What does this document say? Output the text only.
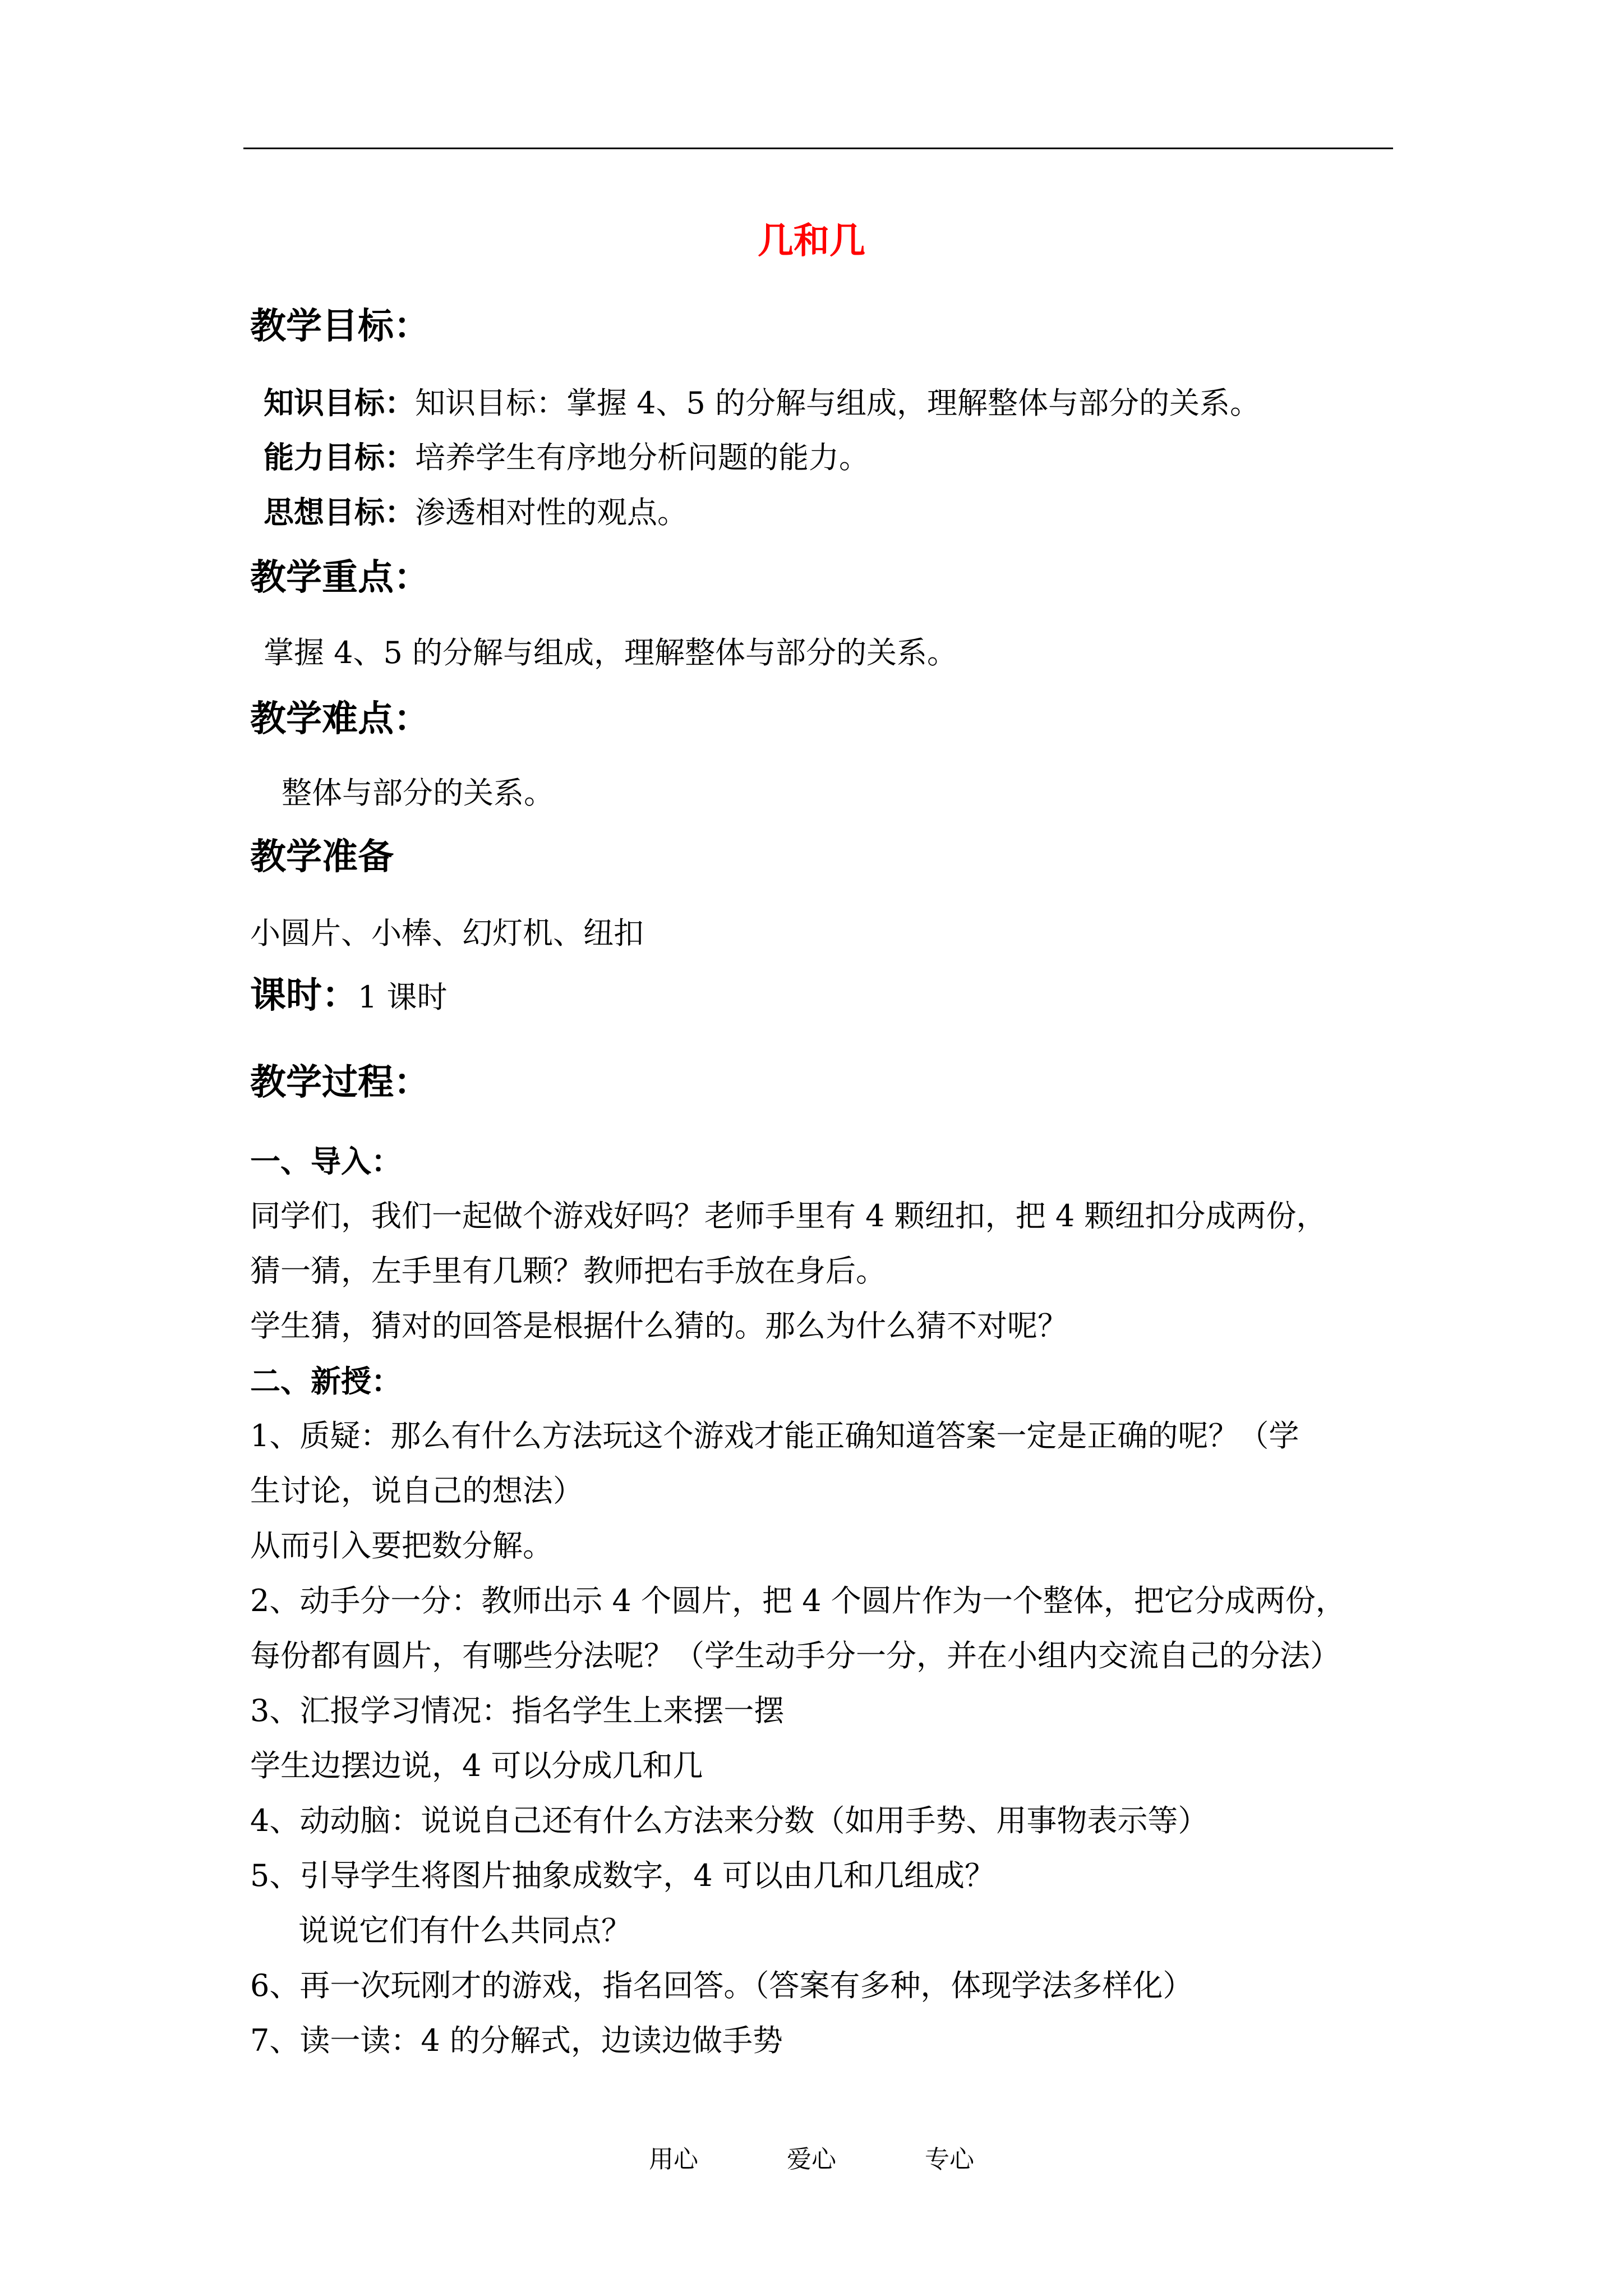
几和几
教学目标：
知识目标：知识目标：掌握 4、5 的分解与组成，理解整体与部分的关系。
能力目标：培养学生有序地分析问题的能力。
思想目标：渗透相对性的观点。
教学重点：
掌握 4、5 的分解与组成，理解整体与部分的关系。
教学难点：
整体与部分的关系。
教学准备
小圆片、小棒、幻灯机、纽扣
课时：1 课时
教学过程：
一、导入：
同学们，我们一起做个游戏好吗？老师手里有 4 颗纽扣，把 4 颗纽扣分成两份，
猜一猜，左手里有几颗？教师把右手放在身后。
学生猜，猜对的回答是根据什么猜的。那么为什么猜不对呢？
二、新授：
1、质疑：那么有什么方法玩这个游戏才能正确知道答案一定是正确的呢？（学
生讨论，说自己的想法）
从而引入要把数分解。
2、动手分一分：教师出示 4 个圆片，把 4 个圆片作为一个整体，把它分成两份，
每份都有圆片，有哪些分法呢？（学生动手分一分，并在小组内交流自己的分法）
3、汇报学习情况：指名学生上来摆一摆
学生边摆边说，4 可以分成几和几
4、动动脑：说说自己还有什么方法来分数（如用手势、用事物表示等）
5、引导学生将图片抽象成数字，4 可以由几和几组成？
说说它们有什么共同点？
6、再一次玩刚才的游戏，指名回答。（答案有多种，体现学法多样化）
7、读一读：4 的分解式，边读边做手势
用心	爱心	专心
